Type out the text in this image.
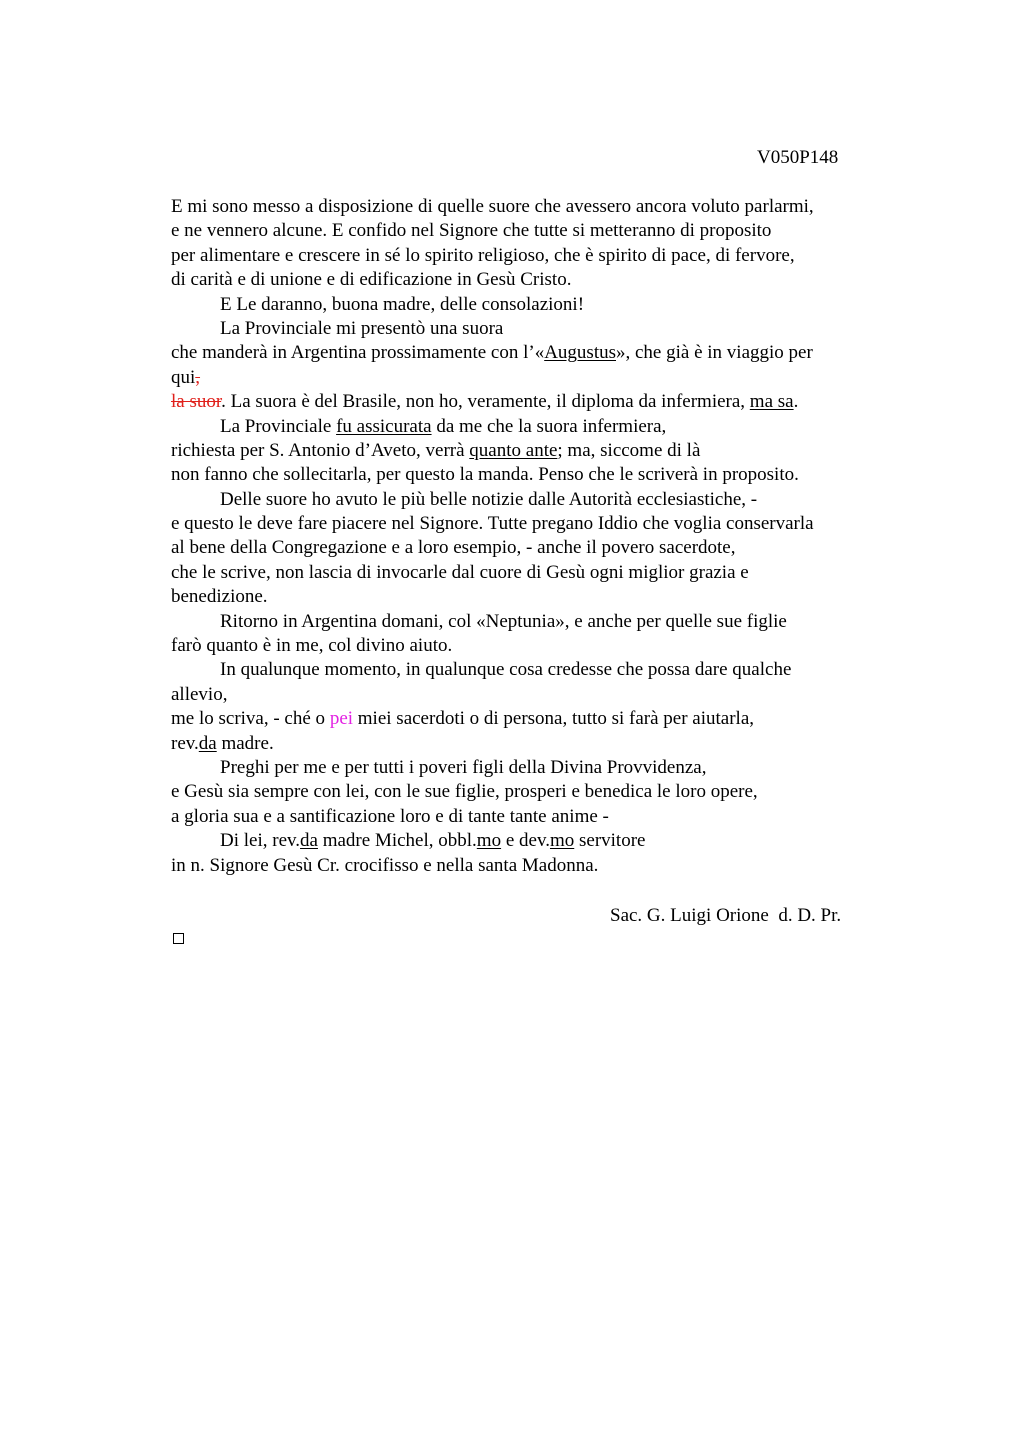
V050P148
E mi sono messo a disposizione di quelle suore che avessero ancora voluto parlarmi,
e ne vennero alcune. E confido nel Signore che tutte si metteranno di proposito
per alimentare e crescere in sé lo spirito religioso, che è spirito di pace, di fervore,
di carità e di unione e di edificazione in Gesù Cristo.
E Le daranno, buona madre, delle consolazioni!
La Provinciale mi presentò una suora
che manderà in Argentina prossimamente con l’«Augustus», che già è in viaggio per
qui,
la suor. La suora è del Brasile, non ho, veramente, il diploma da infermiera, ma sa.
La Provinciale fu assicurata da me che la suora infermiera,
richiesta per S. Antonio d’Aveto, verrà quanto ante; ma, siccome di là
non fanno che sollecitarla, per questo la manda. Penso che le scriverà in proposito.
Delle suore ho avuto le più belle notizie dalle Autorità ecclesiastiche, -
e questo le deve fare piacere nel Signore. Tutte pregano Iddio che voglia conservarla
al bene della Congregazione e a loro esempio, - anche il povero sacerdote,
che le scrive, non lascia di invocarle dal cuore di Gesù ogni miglior grazia e
benedizione.
Ritorno in Argentina domani, col «Neptunia», e anche per quelle sue figlie
farò quanto è in me, col divino aiuto.
In qualunque momento, in qualunque cosa credesse che possa dare qualche
allevio,
me lo scriva, - ché o pei miei sacerdoti o di persona, tutto si farà per aiutarla,
rev.da madre.
Preghi per me e per tutti i poveri figli della Divina Provvidenza,
e Gesù sia sempre con lei, con le sue figlie, prosperi e benedica le loro opere,
a gloria sua e a santificazione loro e di tante tante anime -
Di lei, rev.da madre Michel, obbl.mo e dev.mo servitore
in n. Signore Gesù Cr. crocifisso e nella santa Madonna.
Sac. G. Luigi Orione  d. D. Pr.
